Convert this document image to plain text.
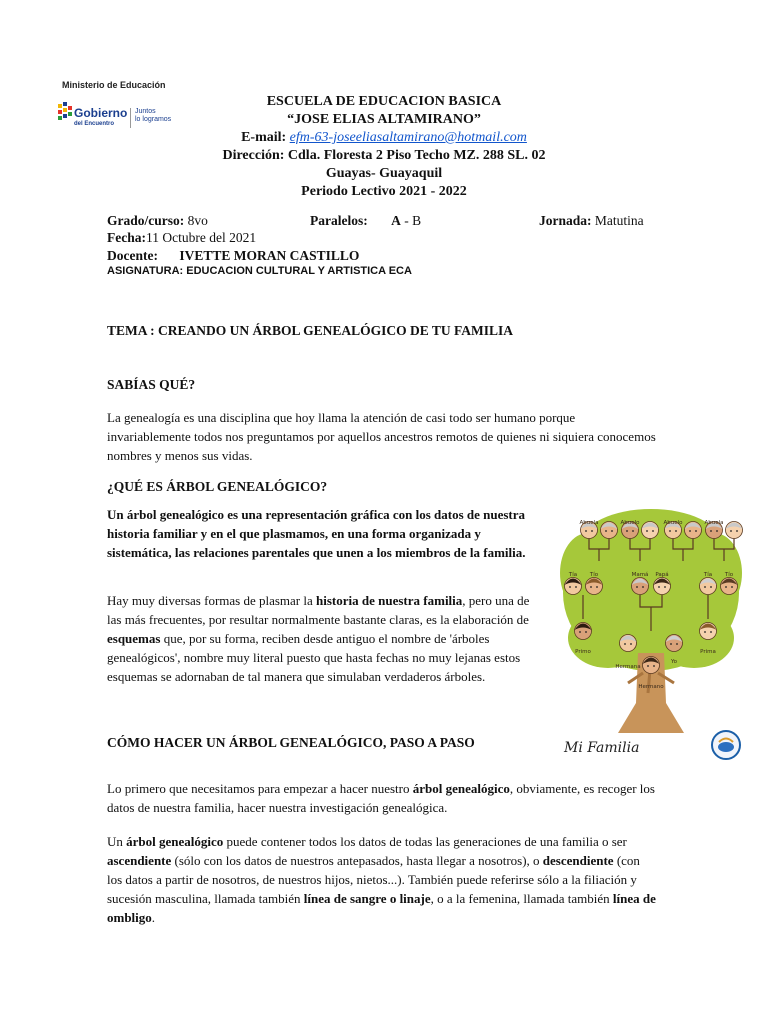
Ministerio de Educación
Gobierno
del Encuentro
Juntos
lo logramos
ESCUELA DE EDUCACION BASICA
“JOSE ELIAS ALTAMIRANO”
E-mail: efm-63-joseeliasaltamirano@hotmail.com
Dirección: Cdla. Floresta 2 Piso Techo MZ. 288 SL. 02
Guayas- Guayaquil
Periodo Lectivo 2021 - 2022
Grado/curso: 8vo	Paralelos: A - B	Jornada: Matutina
Fecha:11 Octubre del 2021
Docente: IVETTE MORAN CASTILLO
ASIGNATURA: EDUCACION CULTURAL Y ARTISTICA ECA
TEMA : CREANDO UN ÁRBOL GENEALÓGICO DE TU FAMILIA
SABÍAS QUÉ?
La genealogía es una disciplina que hoy llama la atención de casi todo ser humano porque invariablemente todos nos preguntamos por aquellos ancestros remotos de quienes ni siquiera conocemos nombres y menos sus vidas.
¿QUÉ ES ÁRBOL GENEALÓGICO?
Un árbol genealógico es una representación gráfica con los datos de nuestra historia familiar y en el que plasmamos, en una forma organizada y sistemática, las relaciones parentales que unen a los miembros de la familia.
Hay muy diversas formas de plasmar la historia de nuestra familia, pero una de las más frecuentes, por resultar normalmente bastante claras, es la elaboración de esquemas que, por su forma, reciben desde antiguo el nombre de 'árboles genealógicos', nombre muy literal puesto que hasta fechas no muy lejanas estos esquemas se adornaban de tal manera que simulaban verdaderos árboles.
CÓMO HACER UN ÁRBOL GENEALÓGICO, PASO A PASO
Lo primero que necesitamos para empezar a hacer nuestro árbol genealógico, obviamente, es recoger los datos de nuestra familia, hacer nuestra investigación genealógica.
Un árbol genealógico puede contener todos los datos de todas las generaciones de una familia o ser ascendiente (sólo con los datos de nuestros antepasados, hasta llegar a nosotros), o descendiente (con los datos a partir de nosotros, de nuestros hijos, nietos...). También puede referirse sólo a la filiación y sucesión masculina, llamada también línea de sangre o linaje, o a la femenina, llamada también línea de ombligo.
Abuela	Abuelo	Abuelo	Abuela
Tía Tío	Mamá Papá	Tía Tío
Primo	Prima
Hermana
Hermano
Yo
Mi Familia
